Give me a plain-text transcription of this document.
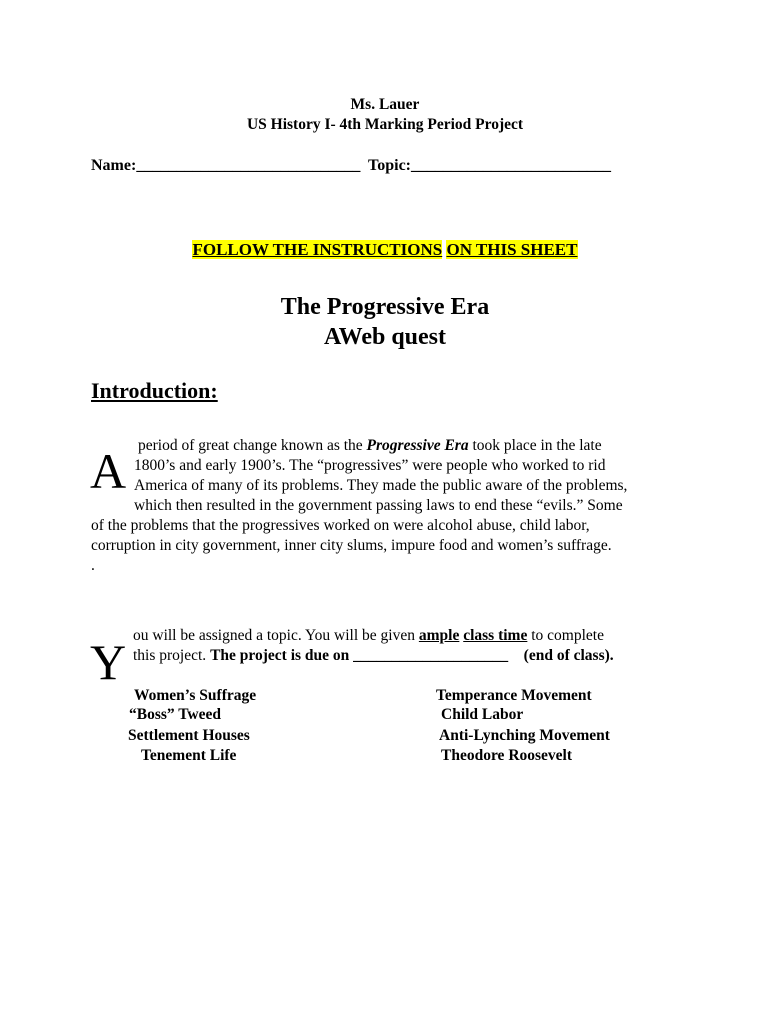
Ms. Lauer
US History I- 4th Marking Period Project
Name:____________________________  Topic:_________________________
FOLLOW THE INSTRUCTIONS ON THIS SHEET
The Progressive Era
AWeb quest
Introduction:
A period of great change known as the Progressive Era took place in the late
1800’s and early 1900’s. The “progressives” were people who worked to rid
America of many of its problems. They made the public aware of the problems,
which then resulted in the government passing laws to end these “evils.” Some
of the problems that the progressives worked on were alcohol abuse, child labor,
corruption in city government, inner city slums, impure food and women’s suffrage.
.
Y ou will be assigned a topic. You will be given ample class time to complete
this project. The project is due on ____________________    (end of class).
Women’s Suffrage
“Boss” Tweed
Settlement Houses
Tenement Life
Temperance Movement
Child Labor
Anti-Lynching Movement
Theodore Roosevelt
